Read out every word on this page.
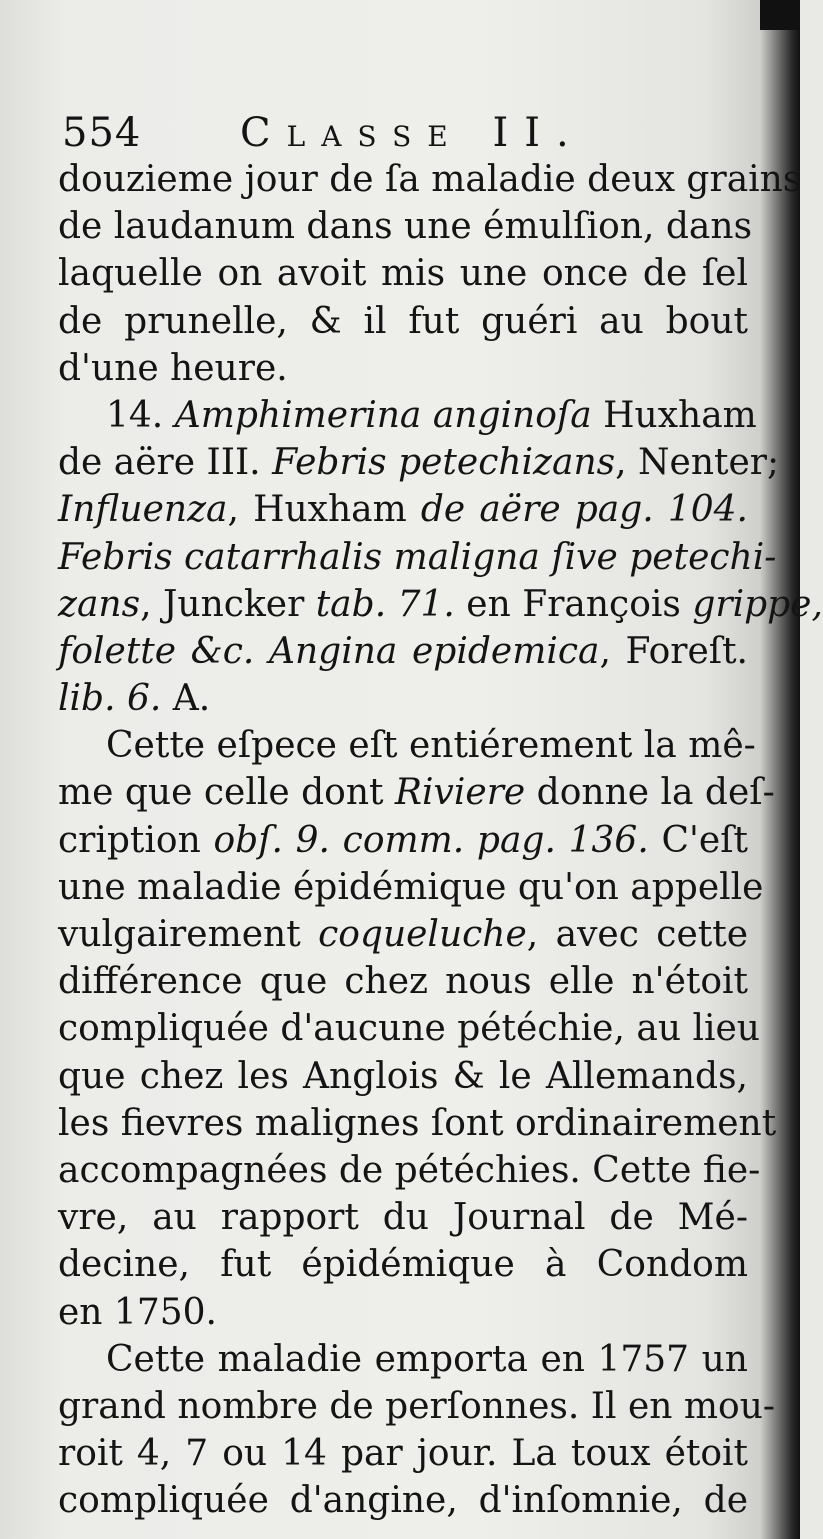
554 Classe II.
douzieme jour de ſa maladie deux grains
de laudanum dans une émulſion, dans
laquelle on avoit mis une once de ſel
de prunelle, & il fut guéri au bout
d'une heure.
14. Amphimerina anginoſa Huxham
de aëre III. Febris petechizans, Nenter;
Influenza, Huxham de aëre pag. 104.
Febris catarrhalis maligna ſive petechi-
zans, Juncker tab. 71. en François grippe,
folette &c. Angina epidemica, Foreſt.
lib. 6. A.
Cette eſpece eſt entiérement la mê-
me que celle dont Riviere donne la deſ-
cription obſ. 9. comm. pag. 136. C'eſt
une maladie épidémique qu'on appelle
vulgairement coqueluche, avec cette
différence que chez nous elle n'étoit
compliquée d'aucune pétéchie, au lieu
que chez les Anglois & le Allemands,
les fievres malignes ſont ordinairement
accompagnées de pétéchies. Cette fie-
vre, au rapport du Journal de Mé-
decine, fut épidémique à Condom
en 1750.
Cette maladie emporta en 1757 un
grand nombre de perſonnes. Il en mou-
roit 4, 7 ou 14 par jour. La toux étoit
compliquée d'angine, d'inſomnie, de
